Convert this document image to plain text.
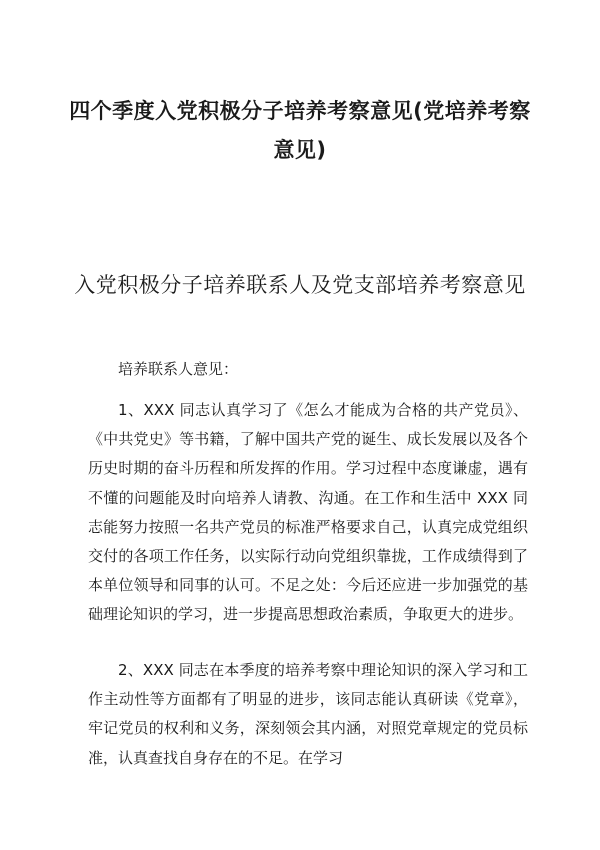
四个季度入党积极分子培养考察意见(党培养考察意见)
入党积极分子培养联系人及党支部培养考察意见

培养联系人意见：

1、XXX 同志认真学习了《怎么才能成为合格的共产党员》、《中共党史》等书籍，了解中国共产党的诞生、成长发展以及各个历史时期的奋斗历程和所发挥的作用。学习过程中态度谦虚，遇有不懂的问题能及时向培养人请教、沟通。在工作和生活中 XXX 同志能努力按照一名共产党员的标准严格要求自己，认真完成党组织交付的各项工作任务，以实际行动向党组织靠拢，工作成绩得到了本单位领导和同事的认可。不足之处：今后还应进一步加强党的基础理论知识的学习，进一步提高思想政治素质，争取更大的进步。

2、XXX 同志在本季度的培养考察中理论知识的深入学习和工作主动性等方面都有了明显的进步，该同志能认真研读《党章》，牢记党员的权利和义务，深刻领会其内涵，对照党章规定的党员标准，认真查找自身存在的不足。在学习
